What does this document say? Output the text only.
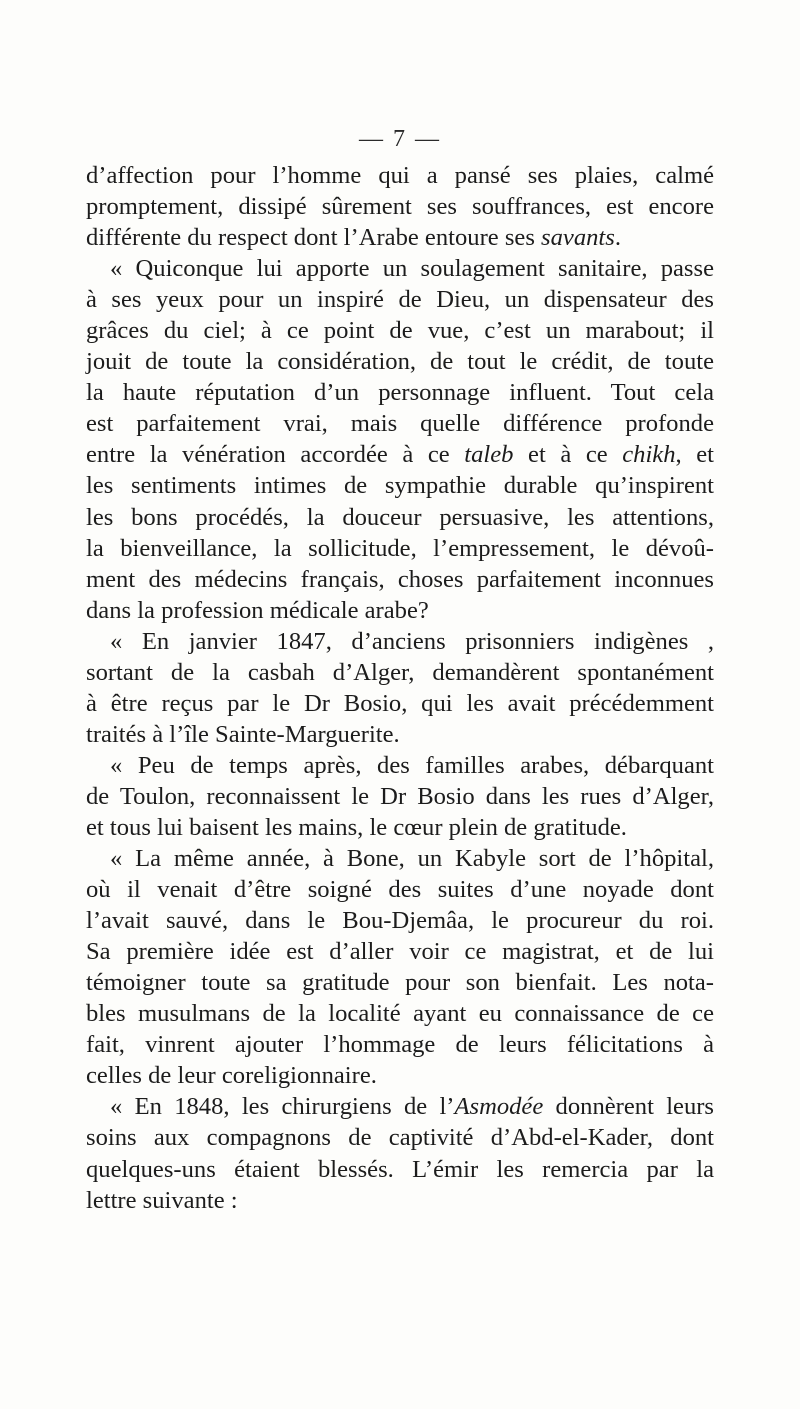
— 7 —
d’affection pour l’homme qui a pansé ses plaies, calmé
promptement, dissipé sûrement ses souffrances, est encore
différente du respect dont l’Arabe entoure ses savants.
« Quiconque lui apporte un soulagement sanitaire, passe
à ses yeux pour un inspiré de Dieu, un dispensateur des
grâces du ciel; à ce point de vue, c’est un marabout; il
jouit de toute la considération, de tout le crédit, de toute
la haute réputation d’un personnage influent. Tout cela
est parfaitement vrai, mais quelle différence profonde
entre la vénération accordée à ce taleb et à ce chikh, et
les sentiments intimes de sympathie durable qu’inspirent
les bons procédés, la douceur persuasive, les attentions,
la bienveillance, la sollicitude, l’empressement, le dévoû-
ment des médecins français, choses parfaitement inconnues
dans la profession médicale arabe?
« En janvier 1847, d’anciens prisonniers indigènes ,
sortant de la casbah d’Alger, demandèrent spontanément
à être reçus par le Dr Bosio, qui les avait précédemment
traités à l’île Sainte-Marguerite.
« Peu de temps après, des familles arabes, débarquant
de Toulon, reconnaissent le Dr Bosio dans les rues d’Alger,
et tous lui baisent les mains, le cœur plein de gratitude.
« La même année, à Bone, un Kabyle sort de l’hôpital,
où il venait d’être soigné des suites d’une noyade dont
l’avait sauvé, dans le Bou-Djemâa, le procureur du roi.
Sa première idée est d’aller voir ce magistrat, et de lui
témoigner toute sa gratitude pour son bienfait. Les nota-
bles musulmans de la localité ayant eu connaissance de ce
fait, vinrent ajouter l’hommage de leurs félicitations à
celles de leur coreligionnaire.
« En 1848, les chirurgiens de l’Asmodée donnèrent leurs
soins aux compagnons de captivité d’Abd-el-Kader, dont
quelques-uns étaient blessés. L’émir les remercia par la
lettre suivante :
